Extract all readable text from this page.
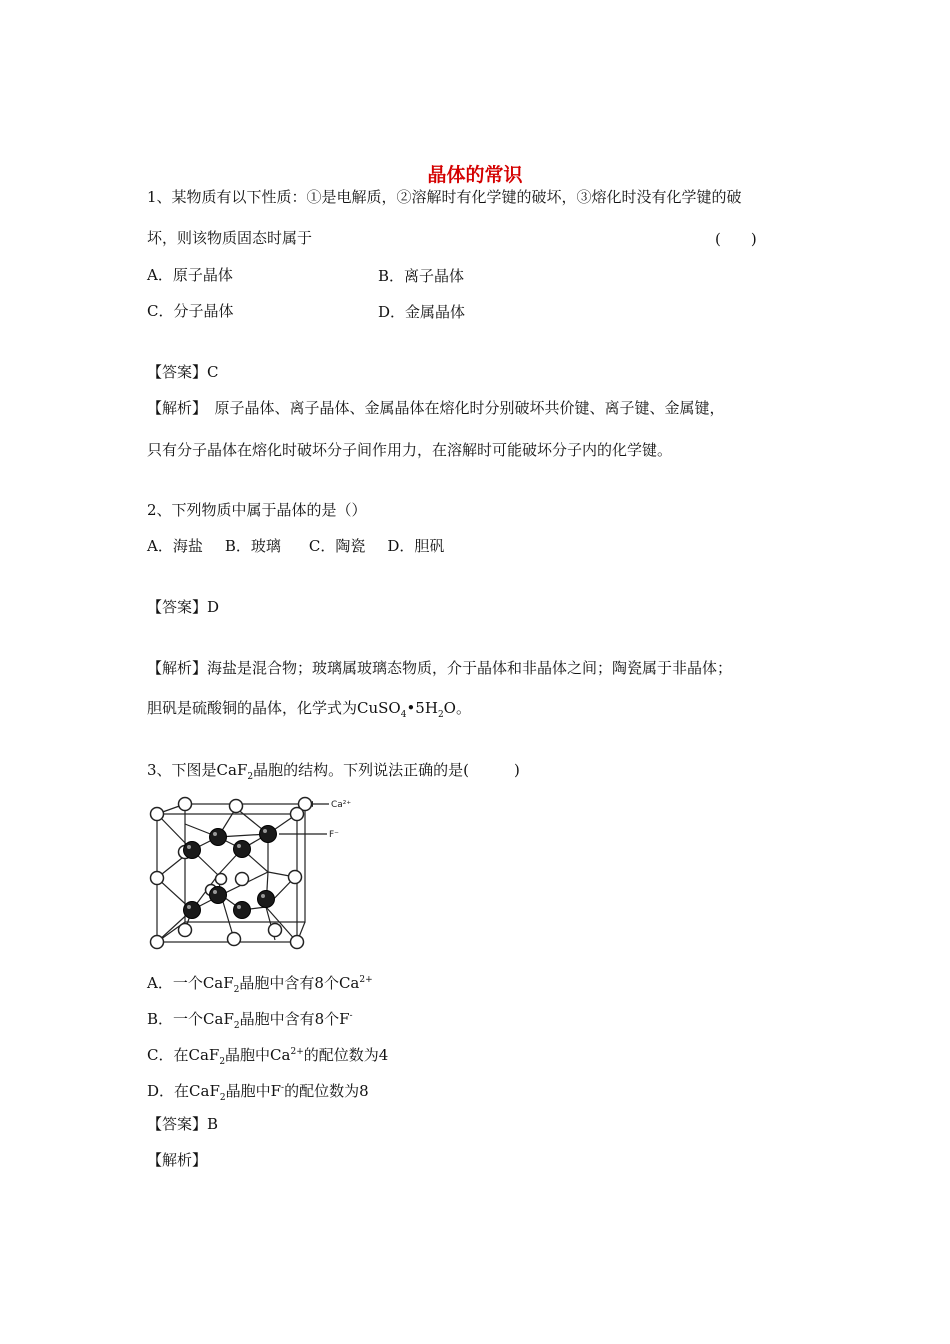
晶体的常识
1、某物质有以下性质：①是电解质，②溶解时有化学键的破坏，③熔化时没有化学键的破
坏，则该物质固态时属于	(　　)
A．原子晶体	B．离子晶体
C．分子晶体	D．金属晶体
【答案】C
【解析】　原子晶体、离子晶体、金属晶体在熔化时分别破坏共价键、离子键、金属键，
只有分子晶体在熔化时破坏分子间作用力，在溶解时可能破坏分子内的化学键。
2、下列物质中属于晶体的是（）
A．海盐 B．玻璃 C．陶瓷 D．胆矾
【答案】D
【解析】海盐是混合物；玻璃属玻璃态物质，介于晶体和非晶体之间；陶瓷属于非晶体；
胆矾是硫酸铜的晶体，化学式为$CuSO_4•5H_2O$。
3、下图是CaF$_2$晶胞的结构。下列说法正确的是(　　　)
Ca²⁺
F⁻
A．一个CaF$_2$晶胞中含有8个$Ca^{2+}$
B．一个CaF$_2$晶胞中含有8个F-
C．在CaF$_2$晶胞中$Ca^{2+}$的配位数为4
D．在CaF$_2$晶胞中F-的配位数为8
【答案】B
【解析】
